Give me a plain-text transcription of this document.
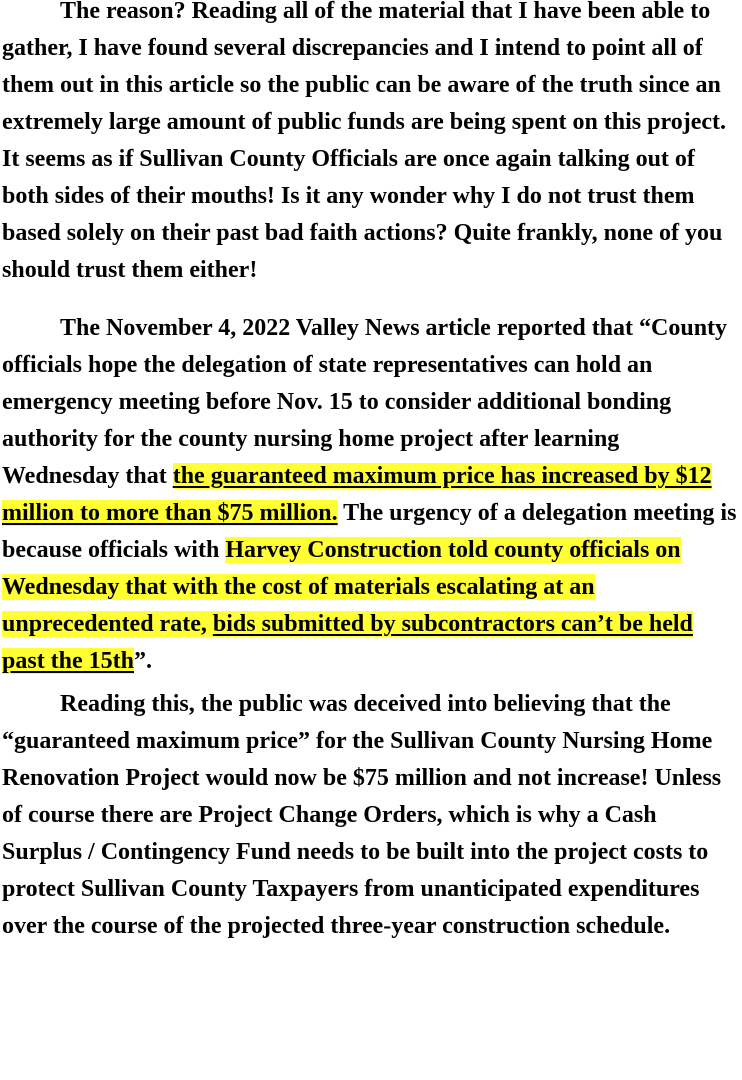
The reason? Reading all of the material that I have been able to gather, I have found several discrepancies and I intend to point all of them out in this article so the public can be aware of the truth since an extremely large amount of public funds are being spent on this project. It seems as if Sullivan County Officials are once again talking out of both sides of their mouths! Is it any wonder why I do not trust them based solely on their past bad faith actions? Quite frankly, none of you should trust them either!

The November 4, 2022 Valley News article reported that “County officials hope the delegation of state representatives can hold an emergency meeting before Nov. 15 to consider additional bonding authority for the county nursing home project after learning Wednesday that the guaranteed maximum price has increased by $12 million to more than $75 million. The urgency of a delegation meeting is because officials with Harvey Construction told county officials on Wednesday that with the cost of materials escalating at an unprecedented rate, bids submitted by subcontractors can’t be held past the 15th”.

Reading this, the public was deceived into believing that the “guaranteed maximum price” for the Sullivan County Nursing Home Renovation Project would now be $75 million and not increase! Unless of course there are Project Change Orders, which is why a Cash Surplus / Contingency Fund needs to be built into the project costs to protect Sullivan County Taxpayers from unanticipated expenditures over the course of the projected three-year construction schedule.
